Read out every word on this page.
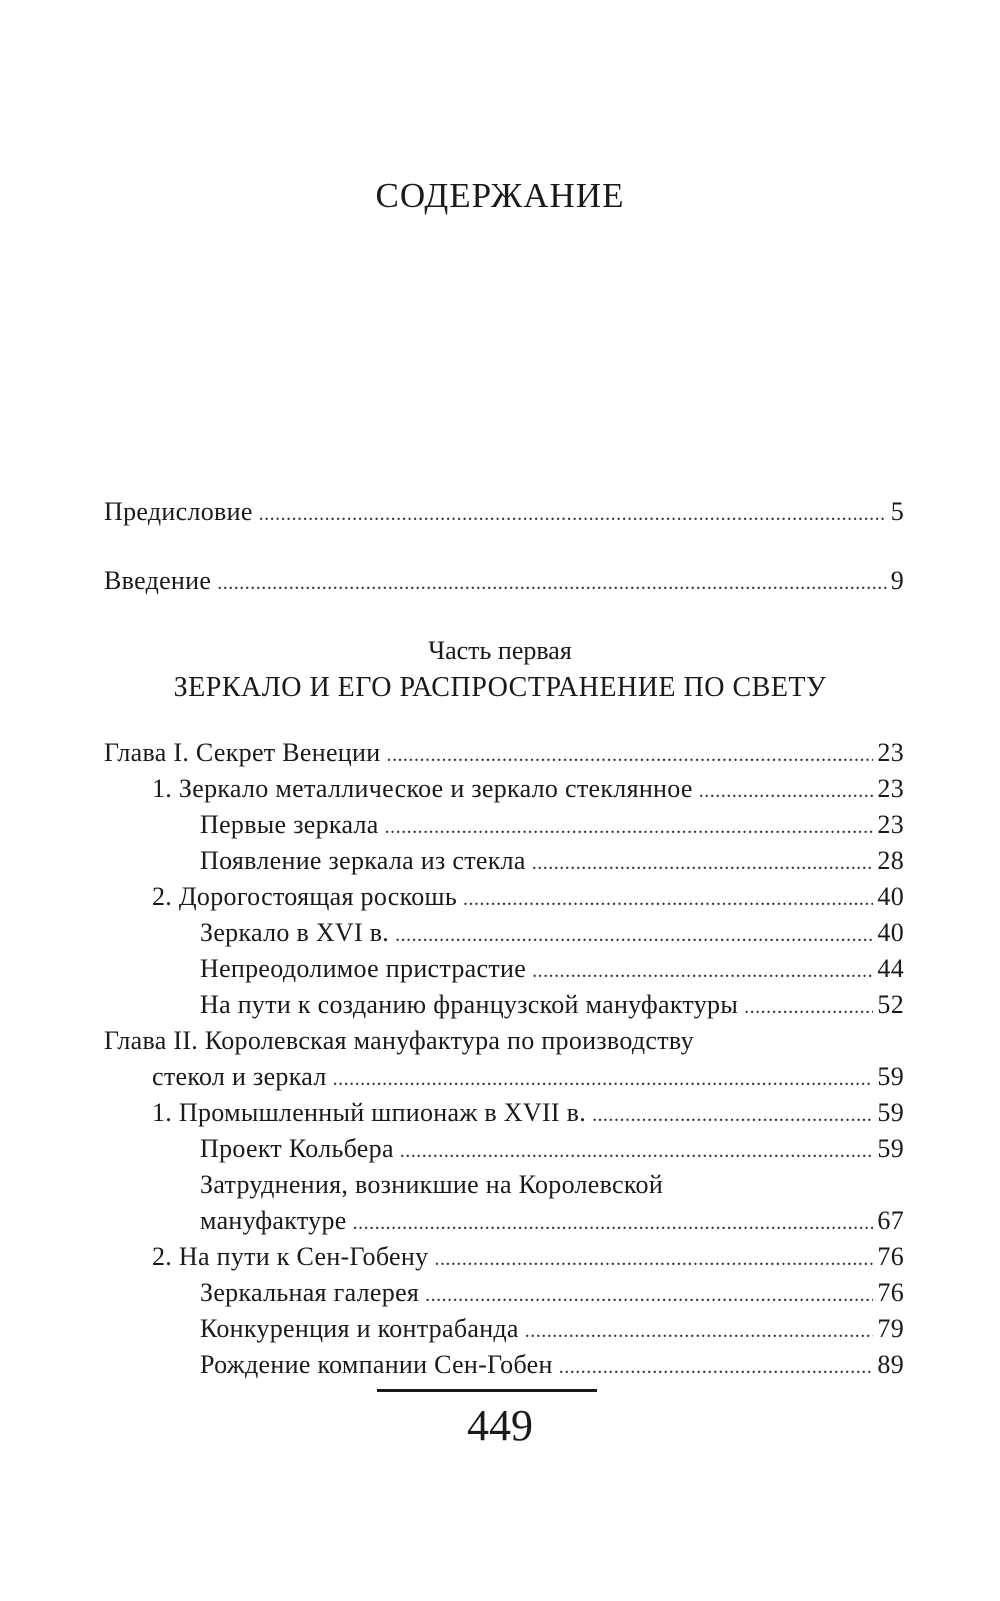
СОДЕРЖАНИЕ
Предисловие .....	5
Введение .....	9
Часть первая
ЗЕРКАЛО И ЕГО РАСПРОСТРАНЕНИЕ ПО СВЕТУ
Глава I. Секрет Венеции .....	23
1. Зеркало металлическое и зеркало стеклянное .....	23
Первые зеркала .....	23
Появление зеркала из стекла .....	28
2. Дорогостоящая роскошь .....	40
Зеркало в XVI в. .....	40
Непреодолимое пристрастие .....	44
На пути к созданию французской мануфактуры .....	52
Глава II. Королевская мануфактура по производству
стекол и зеркал .....	59
1. Промышленный шпионаж в XVII в. .....	59
Проект Кольбера .....	59
Затруднения, возникшие на Королевской
мануфактуре .....	67
2. На пути к Сен-Гобену .....	76
Зеркальная галерея .....	76
Конкуренция и контрабанда .....	79
Рождение компании Сен-Гобен .....	89
449
